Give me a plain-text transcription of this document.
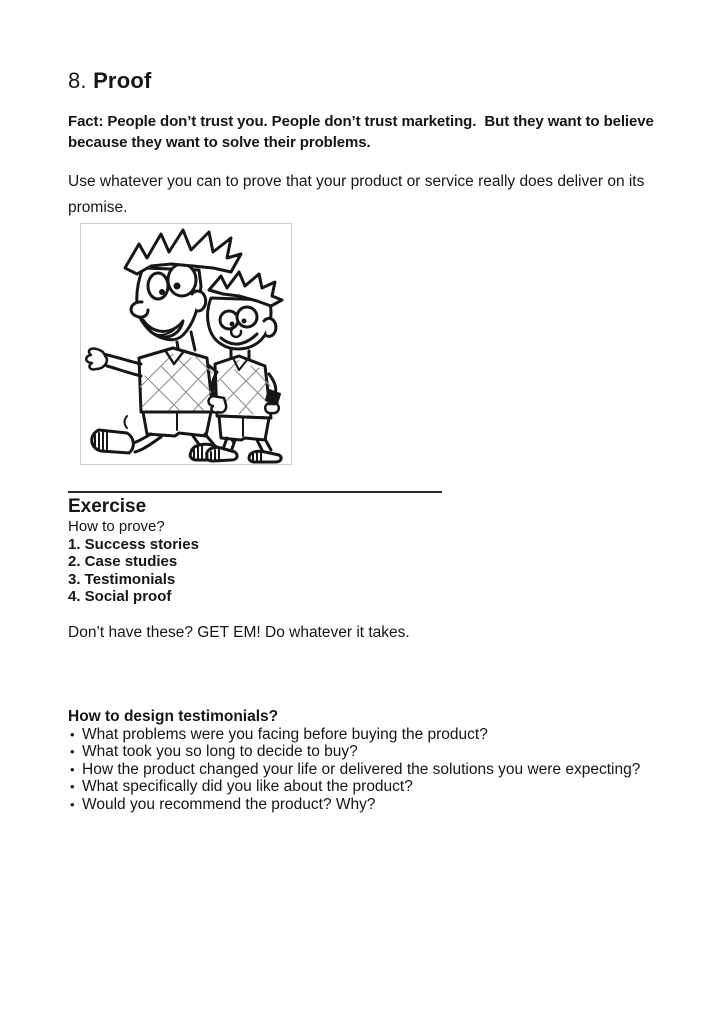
8. Proof
Fact: People don’t trust you. People don’t trust marketing.  But they want to believe
because they want to solve their problems.
Use whatever you can to prove that your product or service really does deliver on its
promise.
Exercise
How to prove?
1. Success stories
2. Case studies
3. Testimonials
4. Social proof
Don’t have these? GET EM! Do whatever it takes.
How to design testimonials?
• What problems were you facing before buying the product?
• What took you so long to decide to buy?
• How the product changed your life or delivered the solutions you were expecting?
• What specifically did you like about the product?
• Would you recommend the product? Why?
